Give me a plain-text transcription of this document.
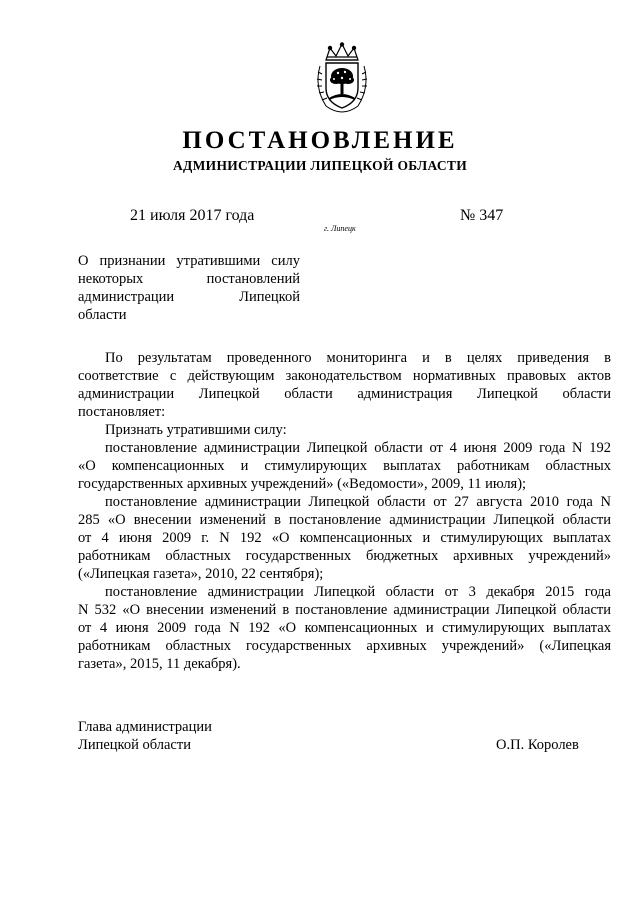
ПОСТАНОВЛЕНИЕ
АДМИНИСТРАЦИИ ЛИПЕЦКОЙ ОБЛАСТИ
21 июля 2017 года
г. Липецк
№ 347
О признании утратившими силу
некоторых постановлений
администрации Липецкой
области
По результатам проведенного мониторинга и в целях приведения в
соответствие с действующим законодательством нормативных правовых актов
администрации Липецкой области администрация Липецкой области
постановляет:
Признать утратившими силу:
постановление администрации Липецкой области от 4 июня 2009 года N 192
«О компенсационных и стимулирующих выплатах работникам областных
государственных архивных учреждений» («Ведомости», 2009, 11 июля);
постановление администрации Липецкой области от 27 августа 2010 года N
285 «О внесении изменений в постановление администрации Липецкой области
от 4 июня 2009 г. N 192 «О компенсационных и стимулирующих выплатах
работникам областных государственных бюджетных архивных учреждений»
(«Липецкая газета», 2010, 22 сентября);
постановление администрации Липецкой области от 3 декабря 2015 года
N 532 «О внесении изменений в постановление администрации Липецкой области
от 4 июня 2009 года N 192 «О компенсационных и стимулирующих выплатах
работникам областных государственных архивных учреждений» («Липецкая
газета», 2015, 11 декабря).
Глава администрации
Липецкой области	О.П. Королев
